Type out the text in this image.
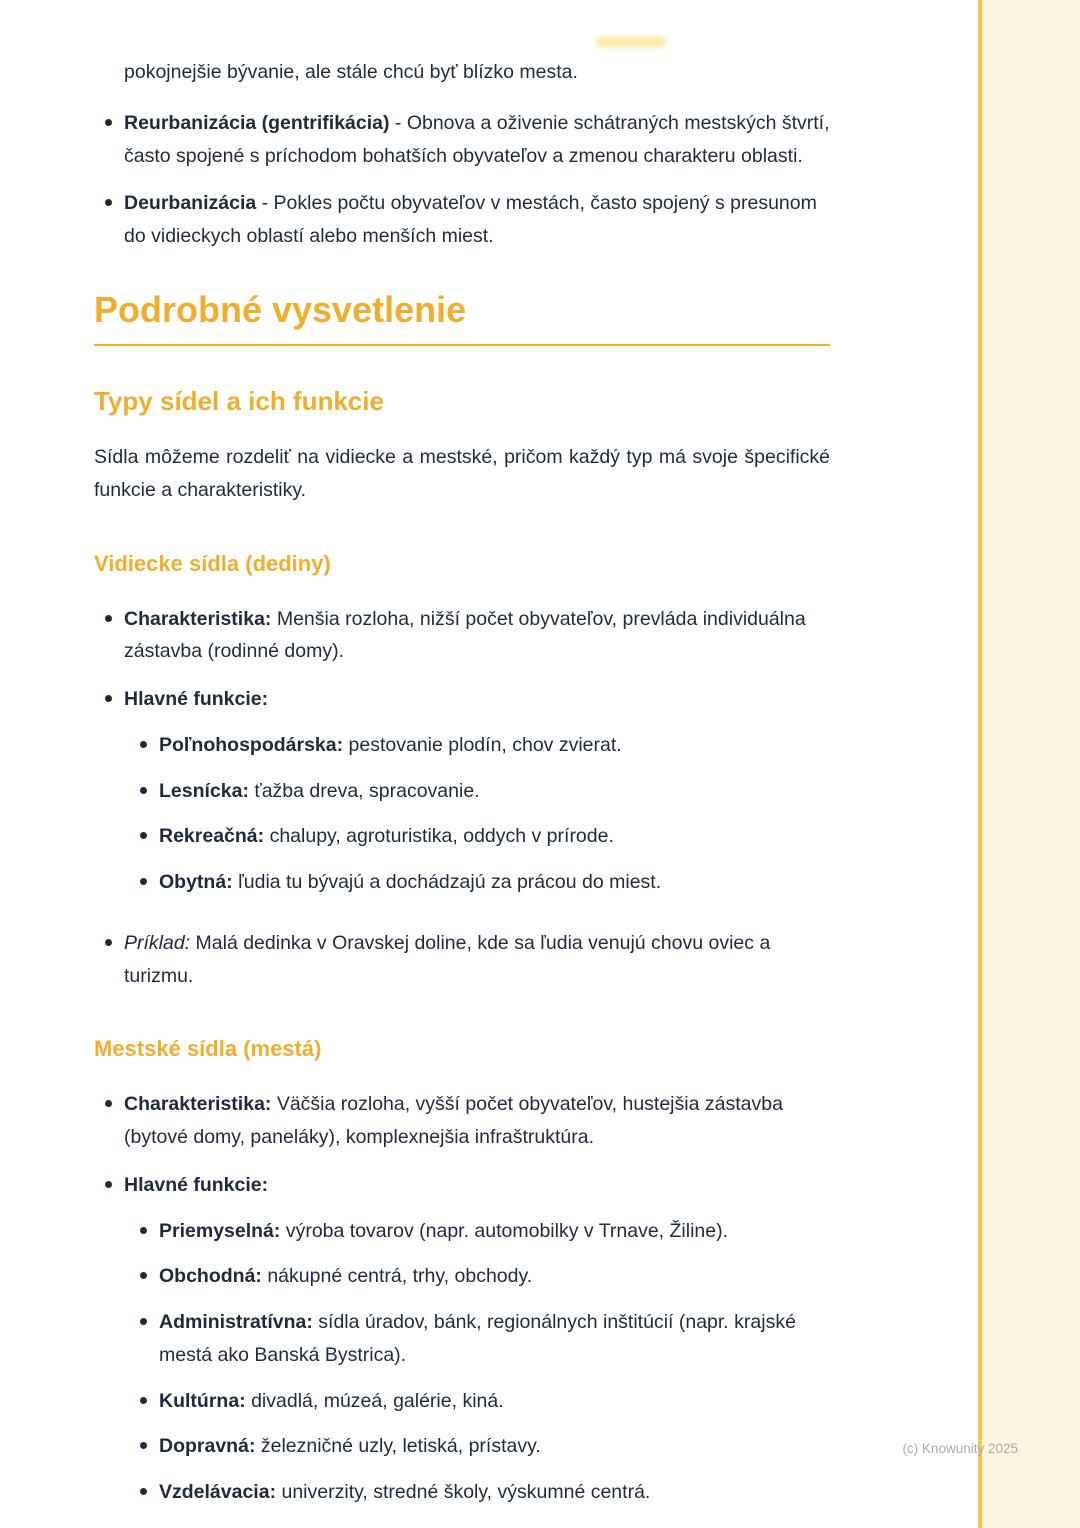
pokojnejšie bývanie, ale stále chcú byť blízko mesta.

Reurbanizácia (gentrifikácia) - Obnova a oživenie schátraných mestských štvrtí, často spojené s príchodom bohatších obyvateľov a zmenou charakteru oblasti.
Deurbanizácia - Pokles počtu obyvateľov v mestách, často spojený s presunom do vidieckych oblastí alebo menších miest.
Podrobné vysvetlenie
Typy sídel a ich funkcie

Sídla môžeme rozdeliť na vidiecke a mestské, pričom každý typ má svoje špecifické funkcie a charakteristiky.

Vidiecke sídla (dediny)
Charakteristika: Menšia rozloha, nižší počet obyvateľov, prevláda individuálna zástavba (rodinné domy).
Hlavné funkcie:
Poľnohospodárska: pestovanie plodín, chov zvierat.
Lesnícka: ťažba dreva, spracovanie.
Rekreačná: chalupy, agroturistika, oddych v prírode.
Obytná: ľudia tu bývajú a dochádzajú za prácou do miest.
Príklad: Malá dedinka v Oravskej doline, kde sa ľudia venujú chovu oviec a turizmu.
Mestské sídla (mestá)
Charakteristika: Väčšia rozloha, vyšší počet obyvateľov, hustejšia zástavba (bytové domy, paneláky), komplexnejšia infraštruktúra.
Hlavné funkcie:
Priemyselná: výroba tovarov (napr. automobilky v Trnave, Žiline).
Obchodná: nákupné centrá, trhy, obchody.
Administratívna: sídla úradov, bánk, regionálnych inštitúcií (napr. krajské mestá ako Banská Bystrica).
Kultúrna: divadlá, múzeá, galérie, kiná.
Dopravná: železničné uzly, letiská, prístavy.
Vzdelávacia: univerzity, stredné školy, výskumné centrá.
(c) Knowunity 2025
